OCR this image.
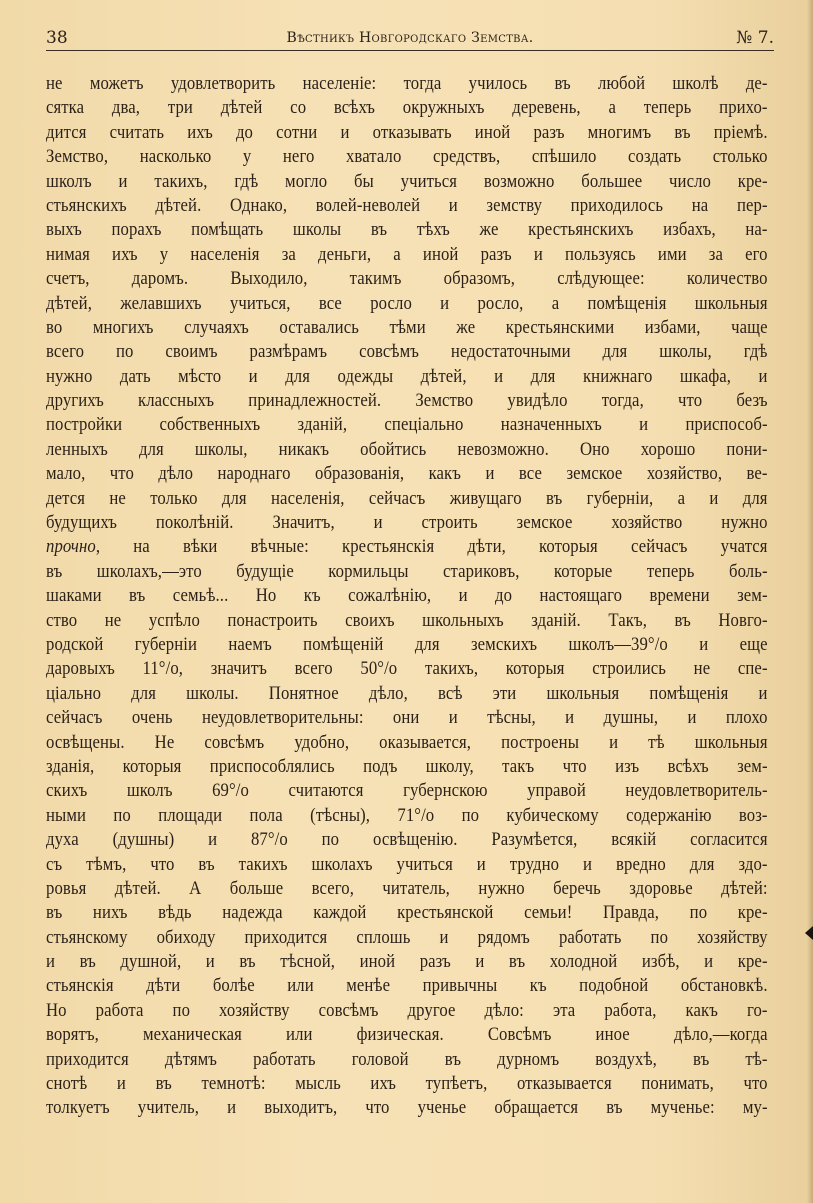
38	Вѣстникъ Новгородскаго Земства.	№ 7.
не можетъ удовлетворить населеніе: тогда училось въ любой школѣ де-
сятка два, три дѣтей со всѣхъ окружныхъ деревень, а теперь прихо-
дится считать ихъ до сотни и отказывать иной разъ многимъ въ пріемѣ.
Земство, насколько у него хватало средствъ, спѣшило создать столько
школъ и такихъ, гдѣ могло бы учиться возможно большее число кре-
стьянскихъ дѣтей. Однако, волей-неволей и земству приходилось на пер-
выхъ порахъ помѣщать школы въ тѣхъ же крестьянскихъ избахъ, на-
нимая ихъ у населенія за деньги, а иной разъ и пользуясь ими за его
счетъ, даромъ. Выходило, такимъ образомъ, слѣдующее: количество
дѣтей, желавшихъ учиться, все росло и росло, а помѣщенія школьныя
во многихъ случаяхъ оставались тѣми же крестьянскими избами, чаще
всего по своимъ размѣрамъ совсѣмъ недостаточными для школы, гдѣ
нужно дать мѣсто и для одежды дѣтей, и для книжнаго шкафа, и
другихъ классныхъ принадлежностей. Земство увидѣло тогда, что безъ
постройки собственныхъ зданій, спеціально назначенныхъ и приспособ-
ленныхъ для школы, никакъ обойтись невозможно. Оно хорошо пони-
мало, что дѣло народнаго образованія, какъ и все земское хозяйство, ве-
дется не только для населенія, сейчасъ живущаго въ губерніи, а и для
будущихъ поколѣній. Значитъ, и строить земское хозяйство нужно
прочно, на вѣки вѣчные: крестьянскія дѣти, которыя сейчасъ учатся
въ школахъ,—это будущіе кормильцы стариковъ, которые теперь боль-
шаками въ семьѣ... Но къ сожалѣнію, и до настоящаго времени зем-
ство не успѣло понастроить своихъ школьныхъ зданій. Такъ, въ Новго-
родской губерніи наемъ помѣщеній для земскихъ школъ—39°/o и еще
даровыхъ 11°/o, значитъ всего 50°/o такихъ, которыя строились не спе-
ціально для школы. Понятное дѣло, всѣ эти школьныя помѣщенія и
сейчасъ очень неудовлетворительны: они и тѣсны, и душны, и плохо
освѣщены. Не совсѣмъ удобно, оказывается, построены и тѣ школьныя
зданія, которыя приспособлялись подъ школу, такъ что изъ всѣхъ зем-
скихъ школъ 69°/o считаются губернскою управой неудовлетворитель-
ными по площади пола (тѣсны), 71°/o по кубическому содержанію воз-
духа (душны) и 87°/o по освѣщенію. Разумѣется, всякій согласится
съ тѣмъ, что въ такихъ школахъ учиться и трудно и вредно для здо-
ровья дѣтей. А больше всего, читатель, нужно беречь здоровье дѣтей:
въ нихъ вѣдь надежда каждой крестьянской семьи! Правда, по кре-
стьянскому обиходу приходится сплошь и рядомъ работать по хозяйству
и въ душной, и въ тѣсной, иной разъ и въ холодной избѣ, и кре-
стьянскія дѣти болѣе или менѣе привычны къ подобной обстановкѣ.
Но работа по хозяйству совсѣмъ другое дѣло: эта работа, какъ го-
ворятъ, механическая или физическая. Совсѣмъ иное дѣло,—когда
приходится дѣтямъ работать головой въ дурномъ воздухѣ, въ тѣ-
снотѣ и въ темнотѣ: мысль ихъ тупѣетъ, отказывается понимать, что
толкуетъ учитель, и выходитъ, что ученье обращается въ мученье: му-
